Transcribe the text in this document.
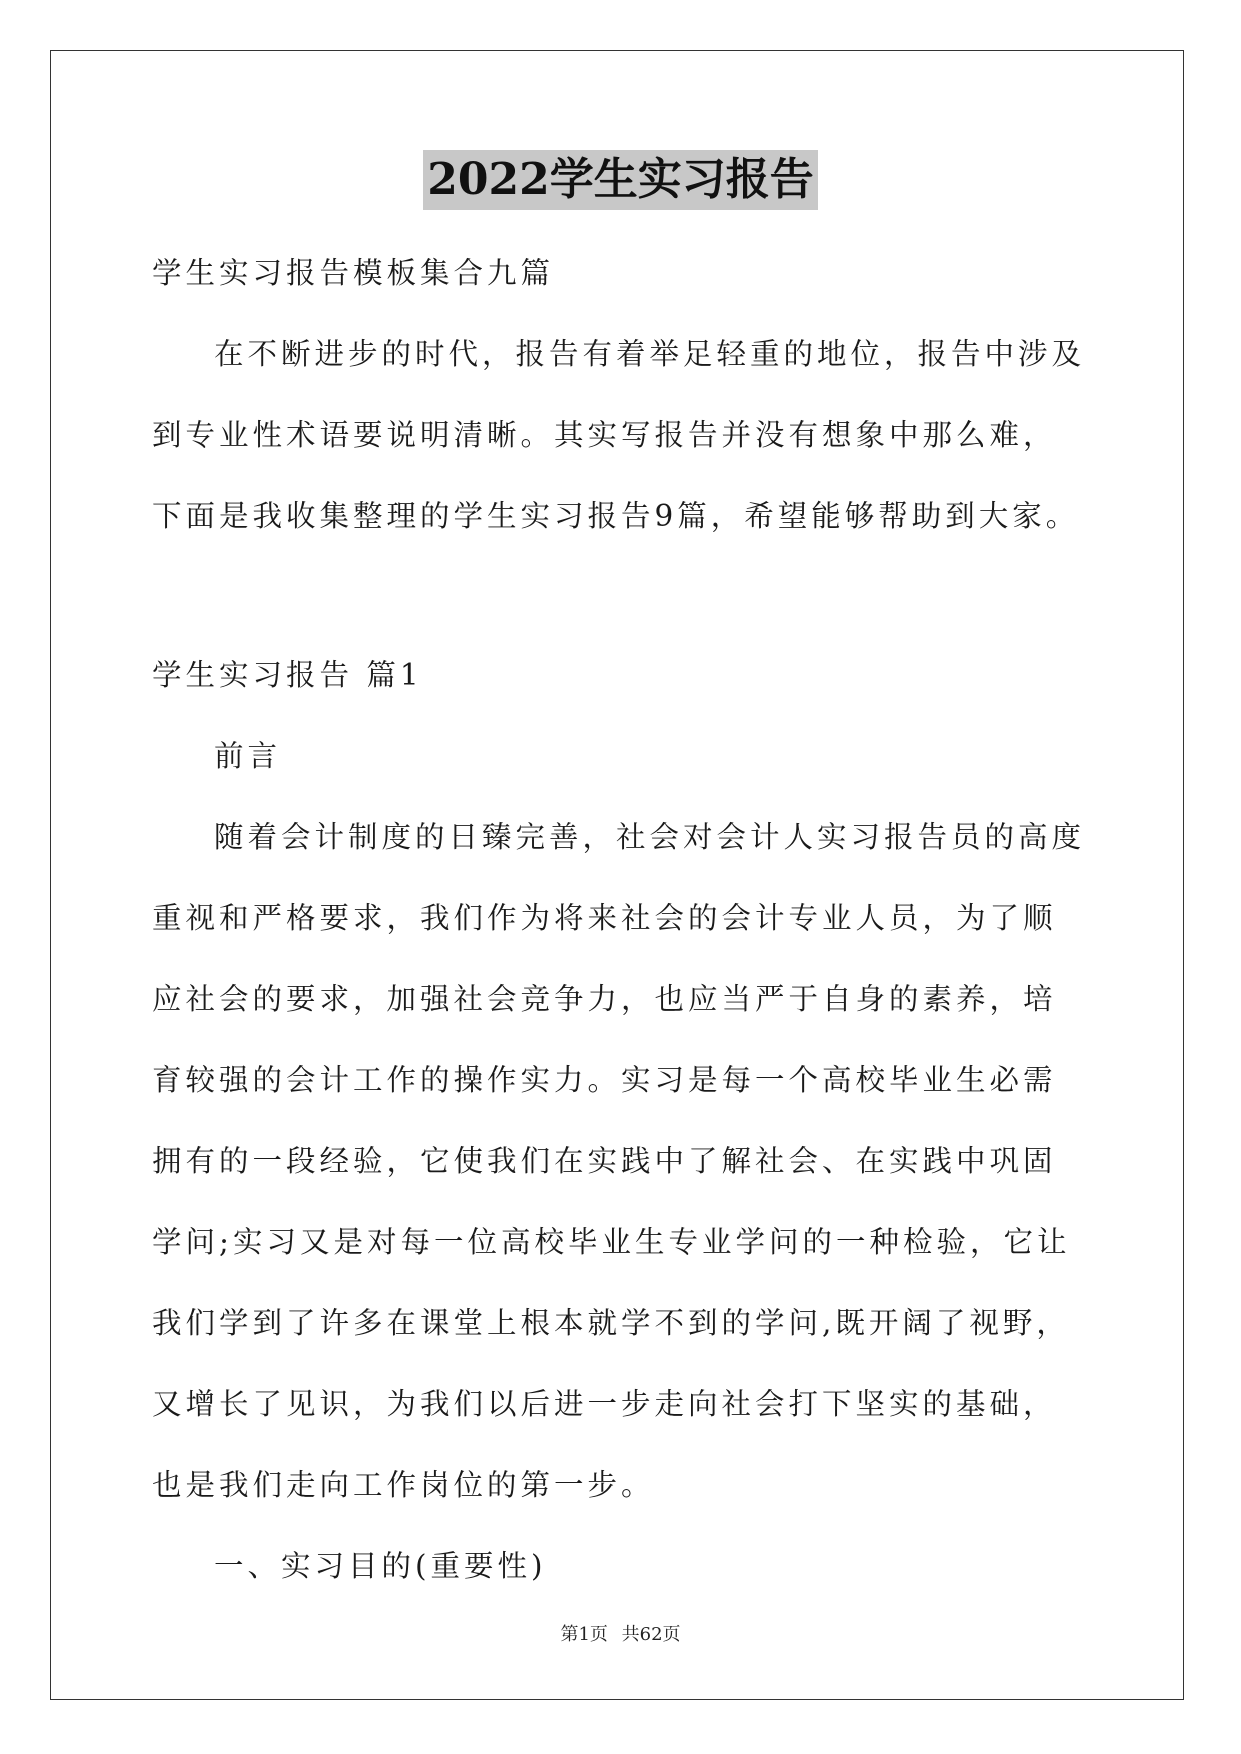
2022学生实习报告

学生实习报告模板集合九篇

在不断进步的时代，报告有着举足轻重的地位，报告中涉及到专业性术语要说明清晰。其实写报告并没有想象中那么难，下面是我收集整理的学生实习报告9篇，希望能够帮助到大家。

学生实习报告 篇1

前言

随着会计制度的日臻完善，社会对会计人实习报告员的高度重视和严格要求，我们作为将来社会的会计专业人员，为了顺应社会的要求，加强社会竞争力，也应当严于自身的素养，培育较强的会计工作的操作实力。实习是每一个高校毕业生必需拥有的一段经验，它使我们在实践中了解社会、在实践中巩固学问;实习又是对每一位高校毕业生专业学问的一种检验，它让我们学到了许多在课堂上根本就学不到的学问,既开阔了视野，又增长了见识，为我们以后进一步走向社会打下坚实的基础，也是我们走向工作岗位的第一步。

一、实习目的(重要性)

第1页 共62页
